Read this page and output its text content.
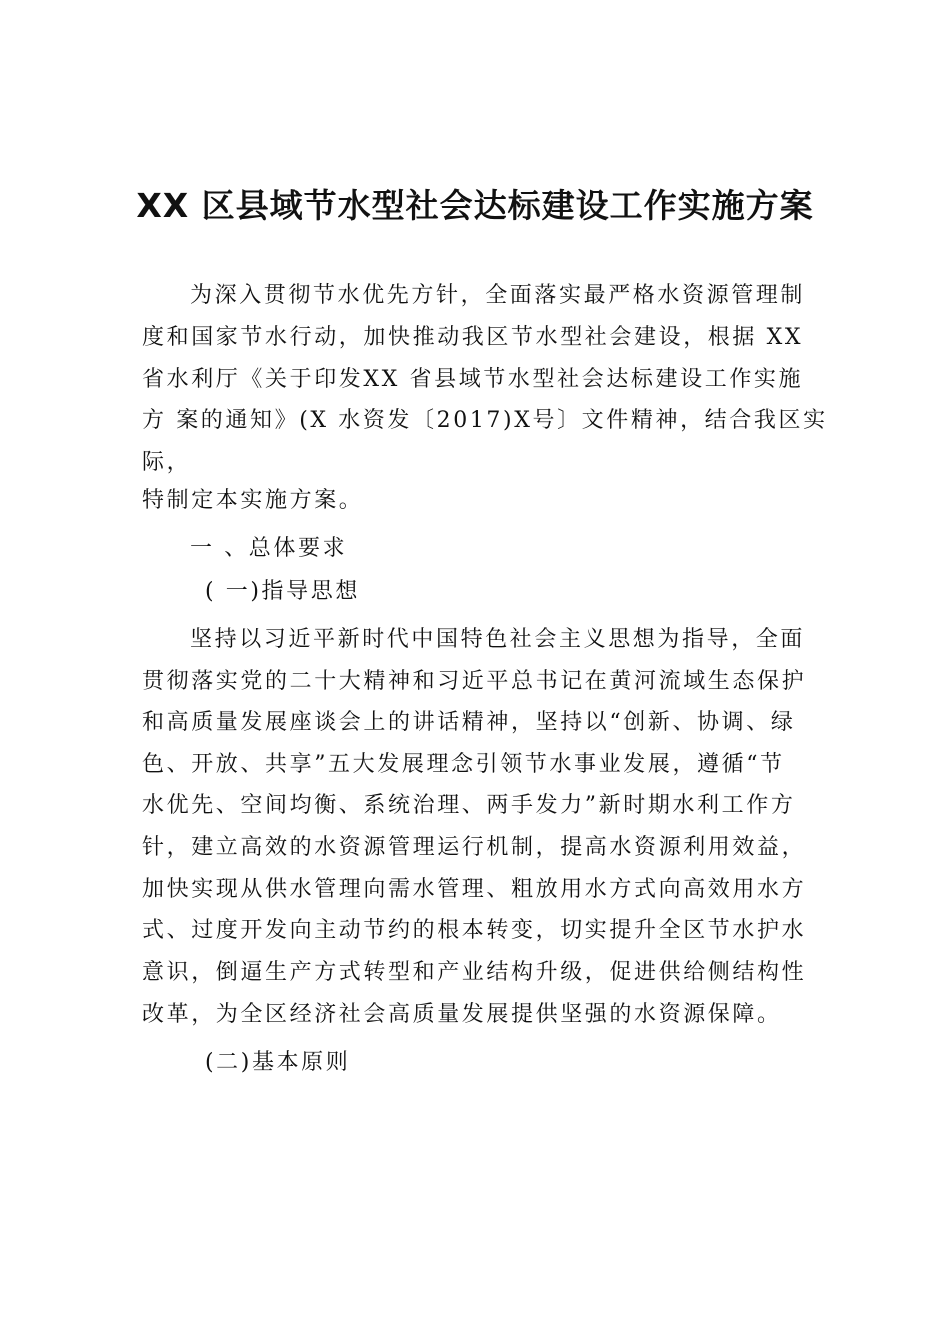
XX 区县域节水型社会达标建设工作实施方案
为深入贯彻节水优先方针，全面落实最严格水资源管理制
度和国家节水行动，加快推动我区节水型社会建设，根据 XX
省水利厅《关于印发XX 省县域节水型社会达标建设工作实施
方 案的通知》(X 水资发〔2017)X号〕文件精神，结合我区实
际，
特制定本实施方案。
一 、总体要求
( 一)指导思想
坚持以习近平新时代中国特色社会主义思想为指导，全面
贯彻落实党的二十大精神和习近平总书记在黄河流域生态保护
和高质量发展座谈会上的讲话精神，坚持以“创新、协调、绿
色、开放、共享”五大发展理念引领节水事业发展，遵循“节
水优先、空间均衡、系统治理、两手发力”新时期水利工作方
针，建立高效的水资源管理运行机制，提高水资源利用效益，
加快实现从供水管理向需水管理、粗放用水方式向高效用水方
式、过度开发向主动节约的根本转变，切实提升全区节水护水
意识，倒逼生产方式转型和产业结构升级，促进供给侧结构性
改革，为全区经济社会高质量发展提供坚强的水资源保障。
(二)基本原则
